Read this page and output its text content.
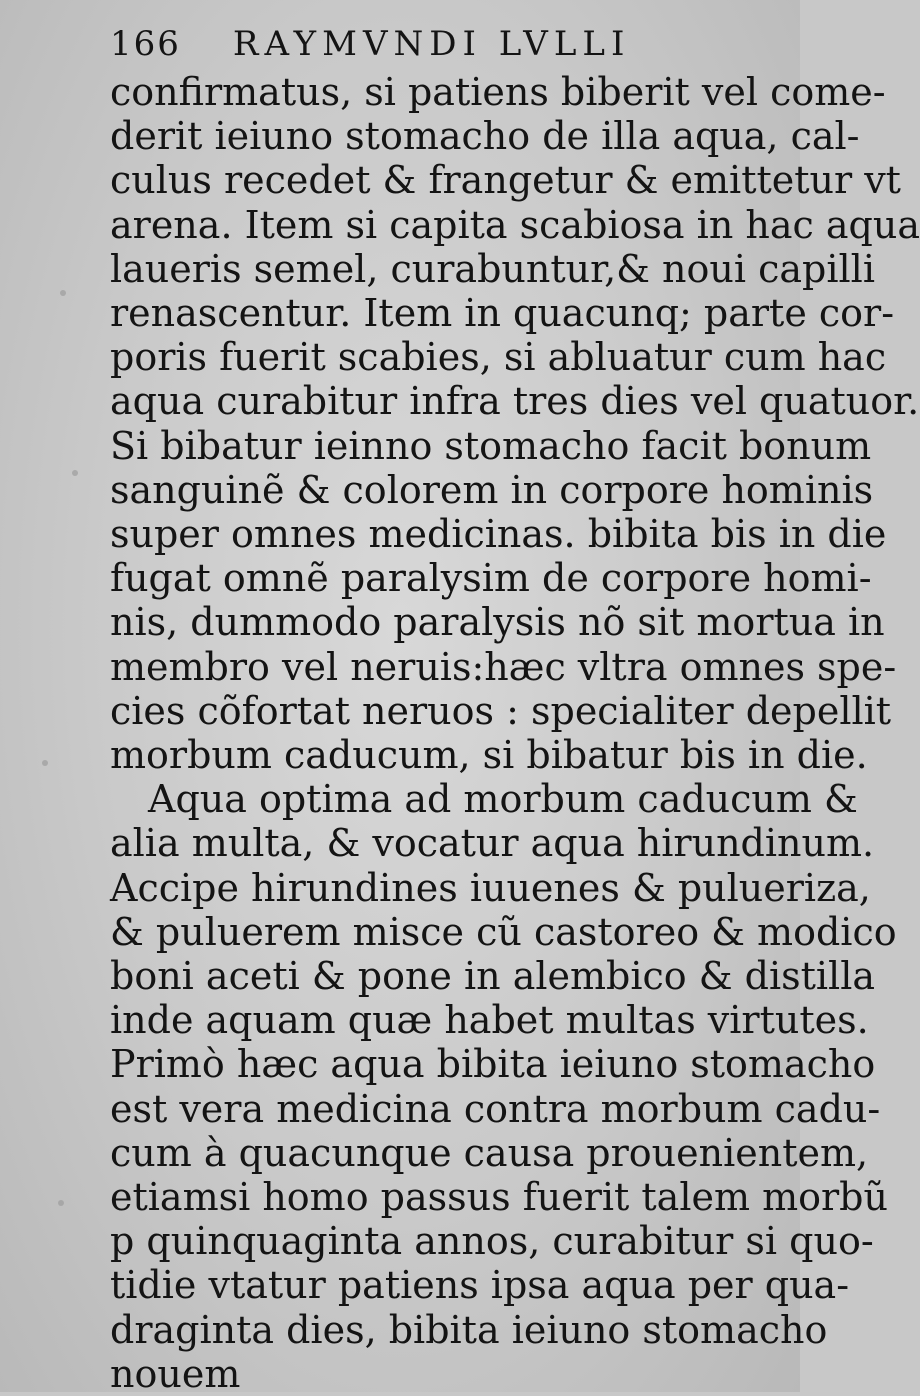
166 RAYMVNDI LVLLI
confirmatus, si patiens biberit vel come-
derit ieiuno stomacho de illa aqua, cal-
culus recedet & frangetur & emittetur vt
arena. Item si capita scabiosa in hac aqua
laueris semel, curabuntur,& noui capilli
renascentur. Item in quacunq; parte cor-
poris fuerit scabies, si abluatur cum hac
aqua curabitur infra tres dies vel quatuor.
Si bibatur ieinno stomacho facit bonum
sanguinẽ & colorem in corpore hominis
super omnes medicinas. bibita bis in die
fugat omnẽ paralysim de corpore homi-
nis, dummodo paralysis nõ sit mortua in
membro vel neruis:hæc vltra omnes spe-
cies cõfortat neruos : specialiter depellit
morbum caducum, si bibatur bis in die.
Aqua optima ad morbum caducum &
alia multa, & vocatur aqua hirundinum.
Accipe hirundines iuuenes & pulueriza,
& puluerem misce cũ castoreo & modico
boni aceti & pone in alembico & distilla
inde aquam quæ habet multas virtutes.
Primò hæc aqua bibita ieiuno stomacho
est vera medicina contra morbum cadu-
cum à quacunque causa prouenientem,
etiamsi homo passus fuerit talem morbũ
p quinquaginta annos, curabitur si quo-
tidie vtatur patiens ipsa aqua per qua-
draginta dies, bibita ieiuno stomacho
nouem
